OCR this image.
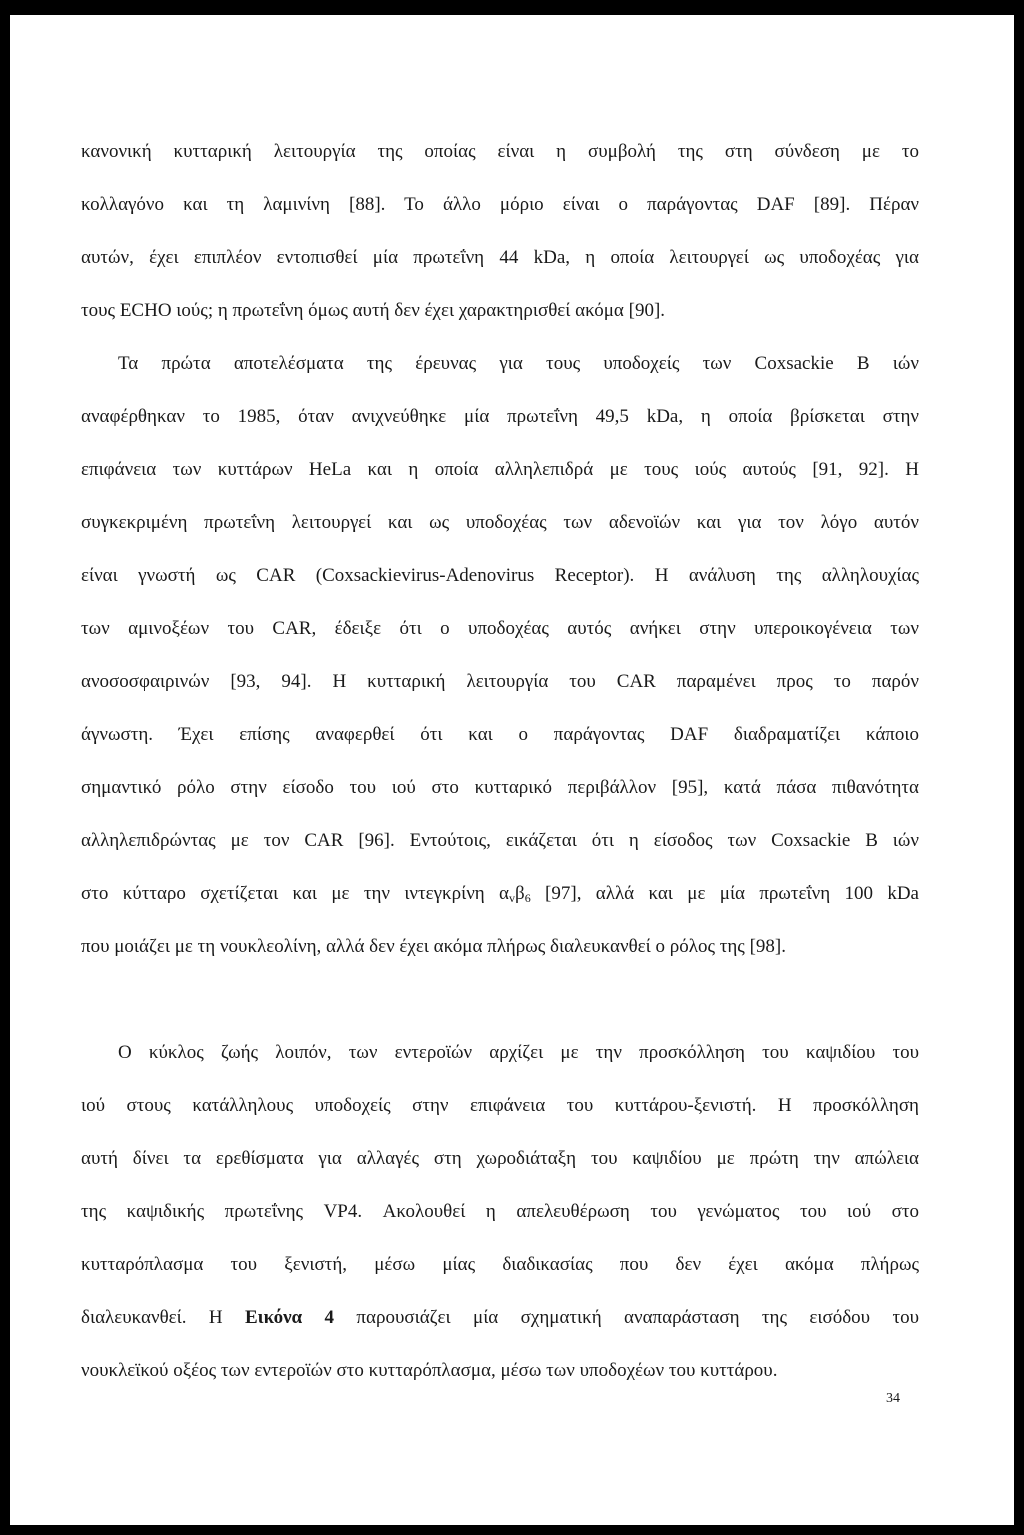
κανονική κυτταρική λειτουργία της οποίας είναι η συμβολή της στη σύνδεση με το

κολλαγόνο και τη λαμινίνη [88]. Το άλλο μόριο είναι ο παράγοντας DAF [89]. Πέραν

αυτών, έχει επιπλέον εντοπισθεί μία πρωτεΐνη 44 kDa, η οποία λειτουργεί ως υποδοχέας για

τους ECHO ιούς; η πρωτεΐνη όμως αυτή δεν έχει χαρακτηρισθεί ακόμα [90].

Τα πρώτα αποτελέσματα της έρευνας για τους υποδοχείς των Coxsackie B ιών

αναφέρθηκαν το 1985, όταν ανιχνεύθηκε μία πρωτεΐνη 49,5 kDa, η οποία βρίσκεται στην

επιφάνεια των κυττάρων HeLa και η οποία αλληλεπιδρά με τους ιούς αυτούς [91, 92]. Η

συγκεκριμένη πρωτεΐνη λειτουργεί και ως υποδοχέας των αδενοϊών και για τον λόγο αυτόν

είναι γνωστή ως CAR (Coxsackievirus-Adenovirus Receptor). Η ανάλυση της αλληλουχίας

των αμινοξέων του CAR, έδειξε ότι ο υποδοχέας αυτός ανήκει στην υπεροικογένεια των

ανοσοσφαιρινών [93, 94]. Η κυτταρική λειτουργία του CAR παραμένει προς το παρόν

άγνωστη. Έχει επίσης αναφερθεί ότι και ο παράγοντας DAF διαδραματίζει κάποιο

σημαντικό ρόλο στην είσοδο του ιού στο κυτταρικό περιβάλλον [95], κατά πάσα πιθανότητα

αλληλεπιδρώντας με τον CAR [96]. Εντούτοις, εικάζεται ότι η είσοδος των Coxsackie B ιών

στο κύτταρο σχετίζεται και με την ιντεγκρίνη $\alpha_v\beta_6$ [97], αλλά και με μία πρωτεΐνη 100 kDa

που μοιάζει με τη νουκλεολίνη, αλλά δεν έχει ακόμα πλήρως διαλευκανθεί ο ρόλος της [98].

Ο κύκλος ζωής λοιπόν, των εντεροϊών αρχίζει με την προσκόλληση του καψιδίου του

ιού στους κατάλληλους υποδοχείς στην επιφάνεια του κυττάρου-ξενιστή. Η προσκόλληση

αυτή δίνει τα ερεθίσματα για αλλαγές στη χωροδιάταξη του καψιδίου με πρώτη την απώλεια

της καψιδικής πρωτεΐνης VP4. Ακολουθεί η απελευθέρωση του γενώματος του ιού στο

κυτταρόπλασμα του ξενιστή, μέσω μίας διαδικασίας που δεν έχει ακόμα πλήρως

διαλευκανθεί. Η Εικόνα 4 παρουσιάζει μία σχηματική αναπαράσταση της εισόδου του

νουκλεϊκού οξέος των εντεροϊών στο κυτταρόπλασμα, μέσω των υποδοχέων του κυττάρου.

34
